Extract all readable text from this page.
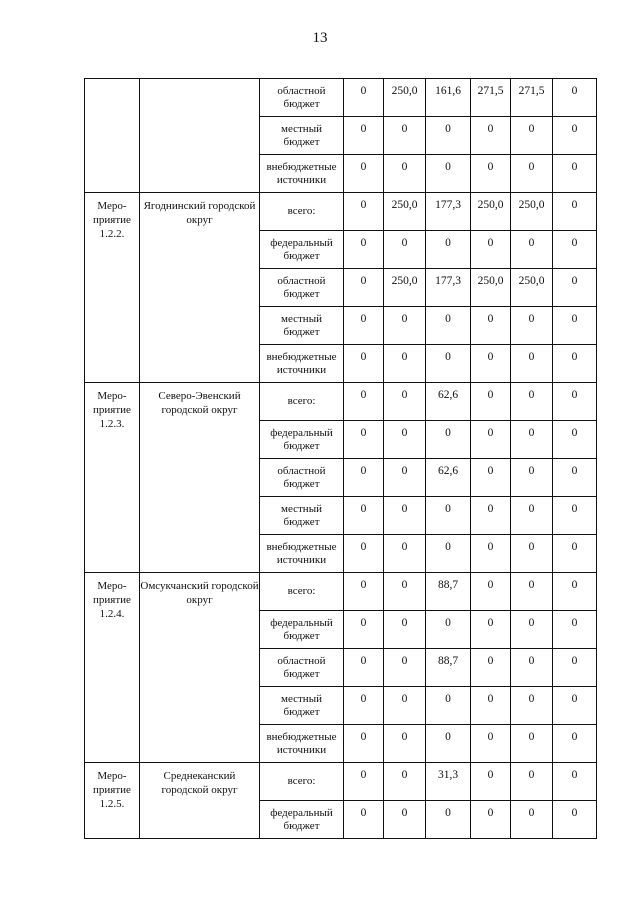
13
		областной бюджет	0	250,0	161,6	271,5	271,5	0
		местный бюджет	0	0	0	0	0	0
		внебюджетные источники	0	0	0	0	0	0
Меро-приятие 1.2.2.	Ягоднинский городской округ	всего:	0	250,0	177,3	250,0	250,0	0
		федеральный бюджет	0	0	0	0	0	0
		областной бюджет	0	250,0	177,3	250,0	250,0	0
		местный бюджет	0	0	0	0	0	0
		внебюджетные источники	0	0	0	0	0	0
Меро-приятие 1.2.3.	Северо-Эвенский городской округ	всего:	0	0	62,6	0	0	0
		федеральный бюджет	0	0	0	0	0	0
		областной бюджет	0	0	62,6	0	0	0
		местный бюджет	0	0	0	0	0	0
		внебюджетные источники	0	0	0	0	0	0
Меро-приятие 1.2.4.	Омсукчанский городской округ	всего:	0	0	88,7	0	0	0
		федеральный бюджет	0	0	0	0	0	0
		областной бюджет	0	0	88,7	0	0	0
		местный бюджет	0	0	0	0	0	0
		внебюджетные источники	0	0	0	0	0	0
Меро-приятие 1.2.5.	Среднеканский городской округ	всего:	0	0	31,3	0	0	0
		федеральный бюджет	0	0	0	0	0	0
